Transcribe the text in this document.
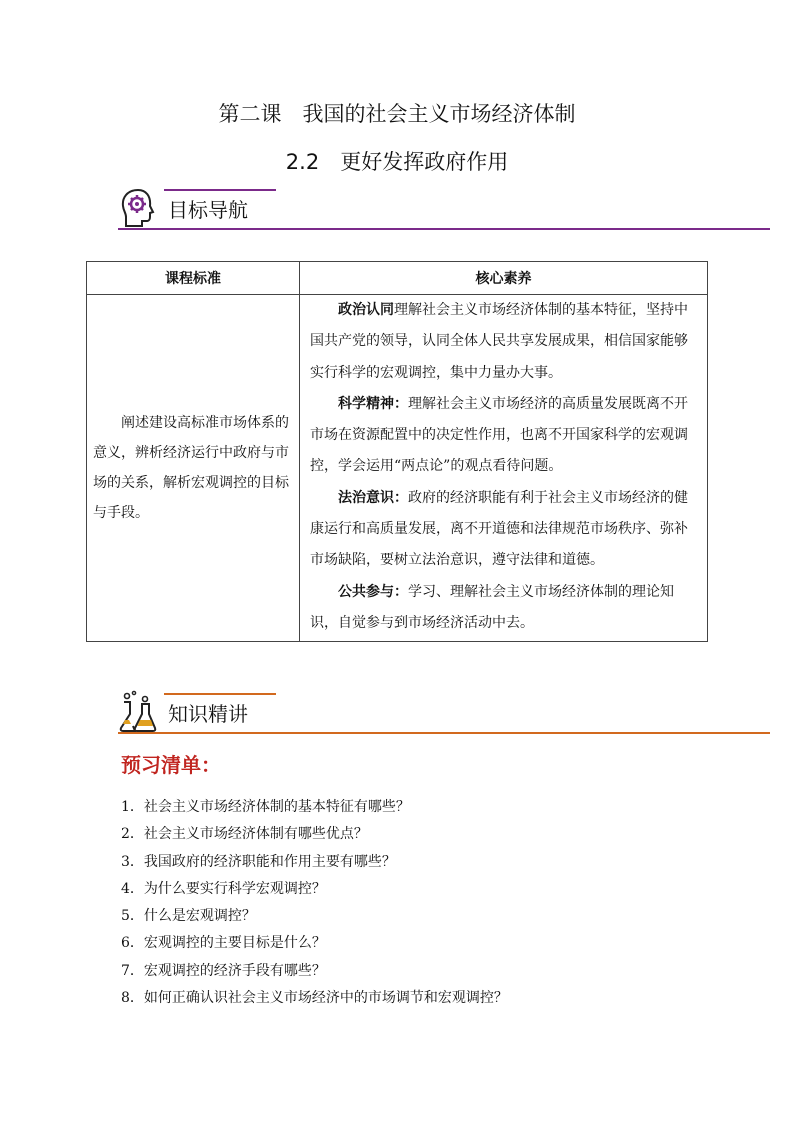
第二课　我国的社会主义市场经济体制
2.2　更好发挥政府作用
目标导航
课程标准	核心素养
阐述建设高标准市场体系的意义，辨析经济运行中政府与市场的关系，解析宏观调控的目标与手段。	政治认同理解社会主义市场经济体制的基本特征，坚持中国共产党的领导，认同全体人民共享发展成果，相信国家能够实行科学的宏观调控，集中力量办大事。

科学精神：理解社会主义市场经济的高质量发展既离不开市场在资源配置中的决定性作用，也离不开国家科学的宏观调控，学会运用“两点论”的观点看待问题。

法治意识：政府的经济职能有利于社会主义市场经济的健康运行和高质量发展，离不开道德和法律规范市场秩序、弥补市场缺陷，要树立法治意识，遵守法律和道德。

公共参与：学习、理解社会主义市场经济体制的理论知识，自觉参与到市场经济活动中去。

知识精讲
预习清单：
1．社会主义市场经济体制的基本特征有哪些？
2．社会主义市场经济体制有哪些优点？
3．我国政府的经济职能和作用主要有哪些？
4．为什么要实行科学宏观调控？
5．什么是宏观调控？
6．宏观调控的主要目标是什么？
7．宏观调控的经济手段有哪些？
8．如何正确认识社会主义市场经济中的市场调节和宏观调控？
